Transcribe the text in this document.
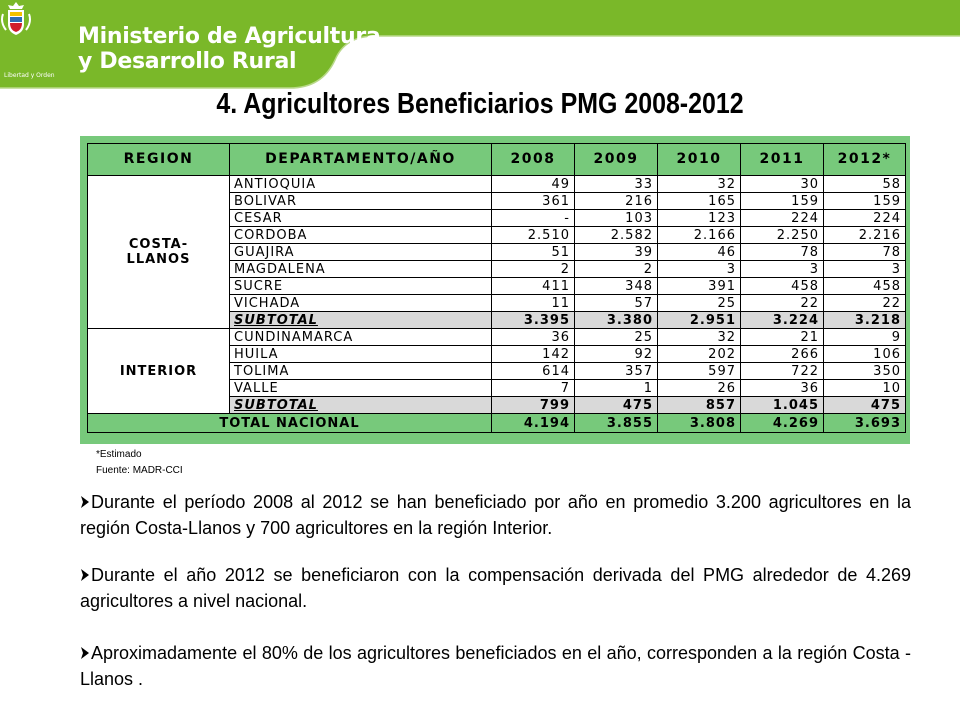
Ministerio de Agricultura
y Desarrollo Rural
Libertad y Orden
4. Agricultores Beneficiarios PMG 2008-2012
REGION	DEPARTAMENTO/AÑO	2008	2009	2010	2011	2012*

COSTA-
LLANOS	ANTIOQUIA	49	33	32	30	58
	BOLIVAR	361	216	165	159	159
	CESAR	-	103	123	224	224
	CORDOBA	2.510	2.582	2.166	2.250	2.216
	GUAJIRA	51	39	46	78	78
	MAGDALENA	2	2	3	3	3
	SUCRE	411	348	391	458	458
	VICHADA	11	57	25	22	22
	SUBTOTAL	3.395	3.380	2.951	3.224	3.218

INTERIOR	CUNDINAMARCA	36	25	32	21	9
	HUILA	142	92	202	266	106
	TOLIMA	614	357	597	722	350
	VALLE	7	1	26	36	10
	SUBTOTAL	799	475	857	1.045	475
TOTAL NACIONAL		4.194	3.855	3.808	4.269	3.693
*Estimado
Fuente: MADR-CCI
Durante el período 2008 al 2012 se han beneficiado por año en promedio 3.200 agricultores en la región Costa-Llanos y 700 agricultores en la región Interior.
Durante el año 2012 se beneficiaron con la compensación derivada del PMG alrededor de 4.269 agricultores a nivel nacional.
Aproximadamente el 80% de los agricultores beneficiados en el año, corresponden a la región Costa -Llanos .
